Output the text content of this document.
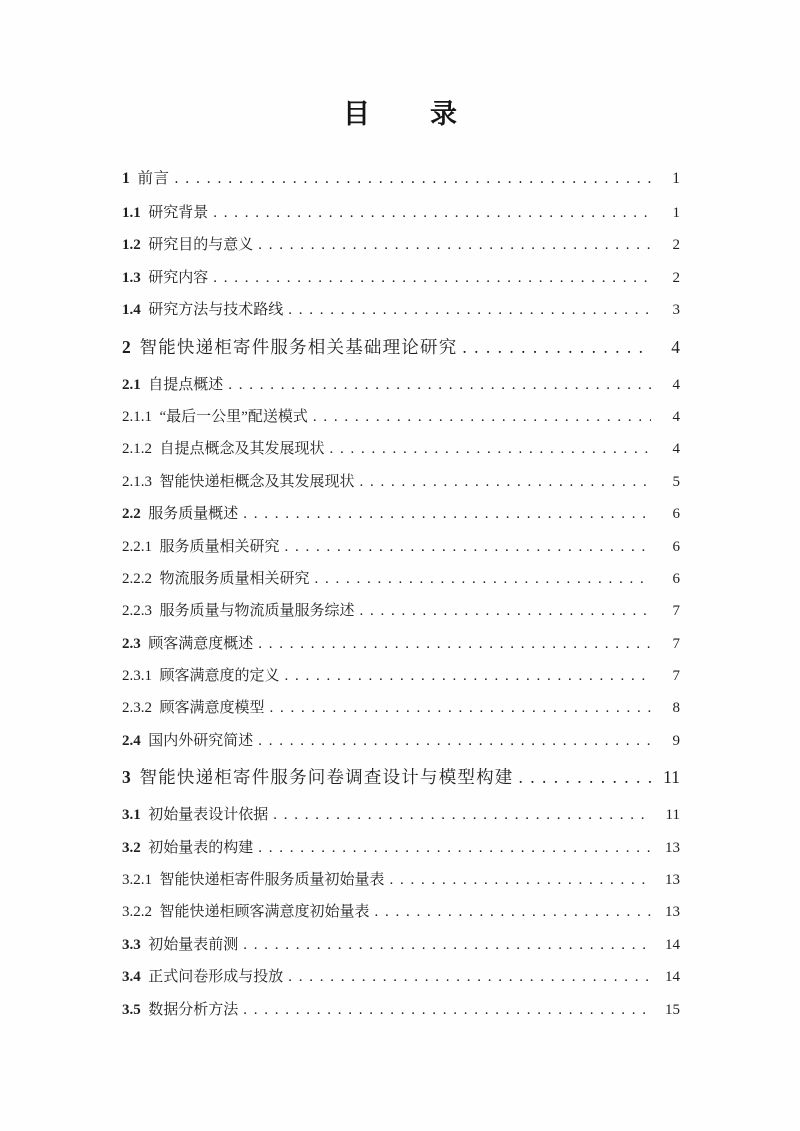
目　　录
1 前言 . . .	1
1.1 研究背景 . . .	1
1.2 研究目的与意义 . . .	2
1.3 研究内容 . . .	2
1.4 研究方法与技术路线 . . .	3
2 智能快递柜寄件服务相关基础理论研究 . . .	4
2.1 自提点概述 . . .	4
2.1.1 “最后一公里”配送模式 . . .	4
2.1.2 自提点概念及其发展现状 . . .	4
2.1.3 智能快递柜概念及其发展现状 . . .	5
2.2 服务质量概述 . . .	6
2.2.1 服务质量相关研究 . . .	6
2.2.2 物流服务质量相关研究 . . .	6
2.2.3 服务质量与物流质量服务综述 . . .	7
2.3 顾客满意度概述 . . .	7
2.3.1 顾客满意度的定义 . . .	7
2.3.2 顾客满意度模型 . . .	8
2.4 国内外研究简述 . . .	9
3 智能快递柜寄件服务问卷调查设计与模型构建 . . .	11
3.1 初始量表设计依据 . . .	11
3.2 初始量表的构建 . . .	13
3.2.1 智能快递柜寄件服务质量初始量表 . . .	13
3.2.2 智能快递柜顾客满意度初始量表 . . .	13
3.3 初始量表前测 . . .	14
3.4 正式问卷形成与投放 . . .	14
3.5 数据分析方法 . . .	15
